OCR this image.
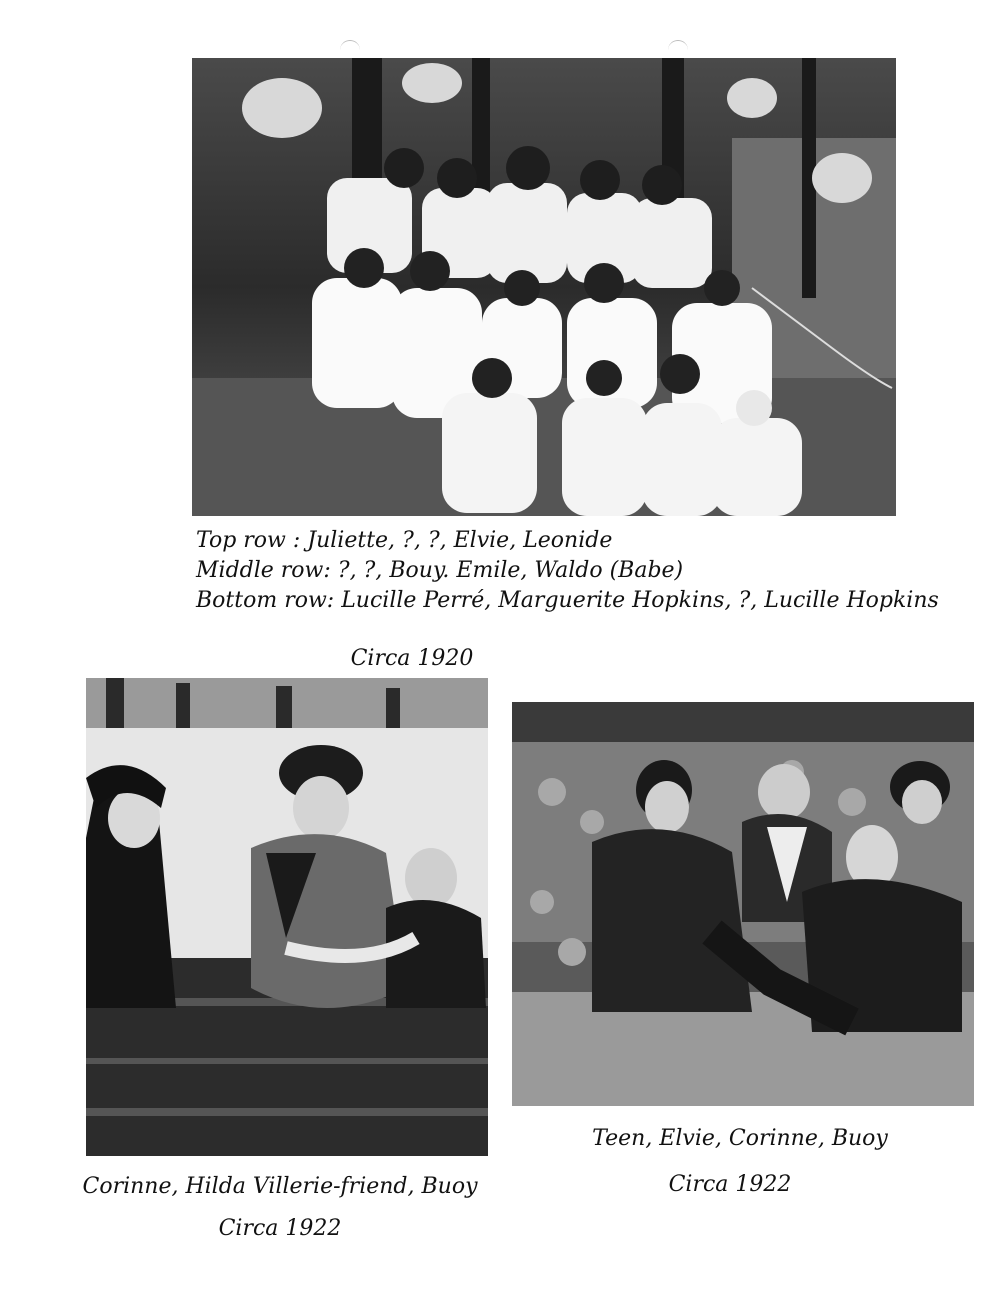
Top row : Juliette, ?, ?, Elvie, Leonide
Middle row: ?, ?, Bouy. Emile, Waldo (Babe)
Bottom row: Lucille Perré, Marguerite Hopkins, ?, Lucille Hopkins
Circa 1920
Corinne, Hilda Villerie-friend, Buoy
Circa 1922
Teen, Elvie, Corinne, Buoy
Circa 1922
